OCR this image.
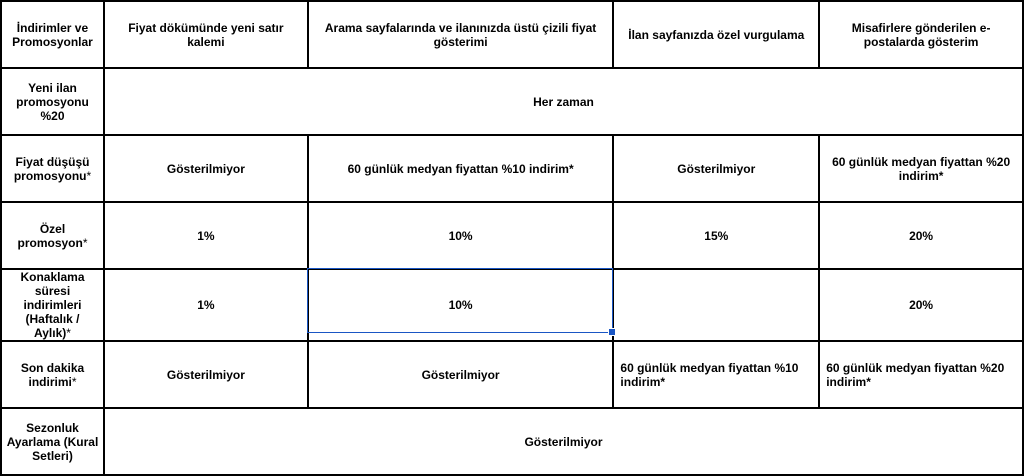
İndirimler ve Promosyonlar	Fiyat dökümünde yeni satır kalemi	Arama sayfalarında ve ilanınızda üstü çizili fiyat gösterimi	İlan sayfanızda özel vurgulama	Misafirlere gönderilen e-postalarda gösterim
Yeni ilan promosyonu %20	Her zaman			
Fiyat düşüşü promosyonu*	Gösterilmiyor	60 günlük medyan fiyattan %10 indirim*	Gösterilmiyor	60 günlük medyan fiyattan %20 indirim*
Özel promosyon*	1%	10%	15%	20%
Konaklama süresi indirimleri (Haftalık / Aylık)*	1%	10%		20%
Son dakika indirimi*	Gösterilmiyor	Gösterilmiyor	60 günlük medyan fiyattan %10 indirim*	60 günlük medyan fiyattan %20 indirim*
Sezonluk Ayarlama (Kural Setleri)	Gösterilmiyor			
